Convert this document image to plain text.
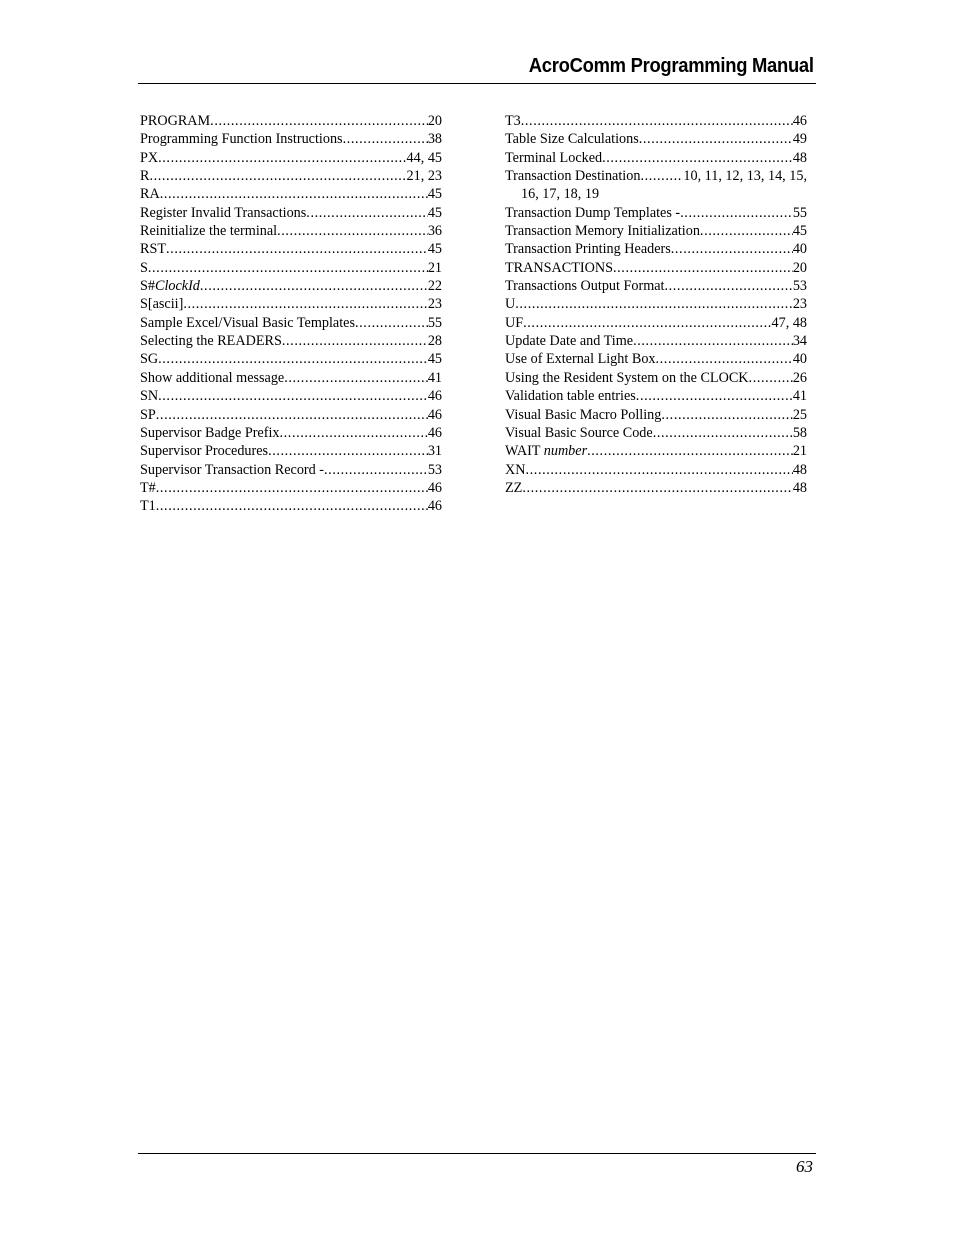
AcroComm Programming Manual
PROGRAM .....	20
Programming Function Instructions .....	38
PX .....	44, 45
R .....	21, 23
RA .....	45
Register Invalid Transactions .....	45
Reinitialize the terminal .....	36
RST .....	45
S .....	21
S#ClockId .....	22
S[ascii] .....	23
Sample Excel/Visual Basic Templates .....	55
Selecting the READERS .....	28
SG .....	45
Show additional message .....	41
SN .....	46
SP .....	46
Supervisor Badge Prefix .....	46
Supervisor Procedures .....	31
Supervisor Transaction Record - .....	53
T# .....	46
T1 .....	46
T3 .....	46
Table Size Calculations .....	49
Terminal Locked .....	48
Transaction Destination .....	10, 11, 12, 13, 14, 15,
16, 17, 18, 19
Transaction Dump Templates - .....	55
Transaction Memory Initialization .....	45
Transaction Printing Headers .....	40
TRANSACTIONS .....	20
Transactions Output Format .....	53
U .....	23
UF .....	47, 48
Update Date and Time .....	34
Use of External Light Box .....	40
Using the Resident System on the CLOCK .....	26
Validation table entries .....	41
Visual Basic Macro Polling .....	25
Visual Basic Source Code .....	58
WAIT number .....	21
XN .....	48
ZZ .....	48
63
